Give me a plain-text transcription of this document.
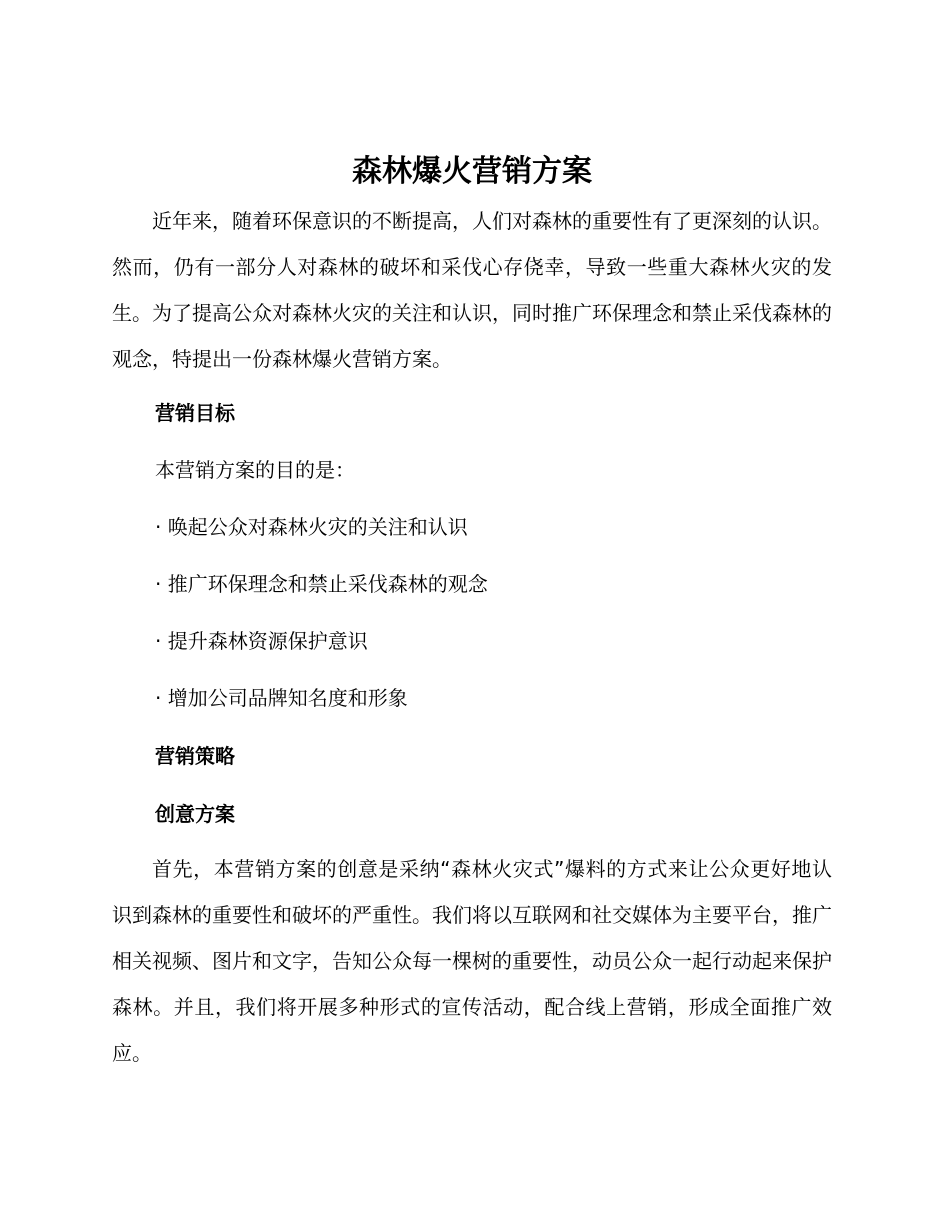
森林爆火营销方案

近年来，随着环保意识的不断提高，人们对森林的重要性有了更深刻的认识。然而，仍有一部分人对森林的破坏和采伐心存侥幸，导致一些重大森林火灾的发生。为了提高公众对森林火灾的关注和认识，同时推广环保理念和禁止采伐森林的观念，特提出一份森林爆火营销方案。

营销目标

本营销方案的目的是：

· 唤起公众对森林火灾的关注和认识

· 推广环保理念和禁止采伐森林的观念

· 提升森林资源保护意识

· 增加公司品牌知名度和形象

营销策略

创意方案

首先，本营销方案的创意是采纳“森林火灾式”爆料的方式来让公众更好地认识到森林的重要性和破坏的严重性。我们将以互联网和社交媒体为主要平台，推广相关视频、图片和文字，告知公众每一棵树的重要性，动员公众一起行动起来保护森林。并且，我们将开展多种形式的宣传活动，配合线上营销，形成全面推广效应。
